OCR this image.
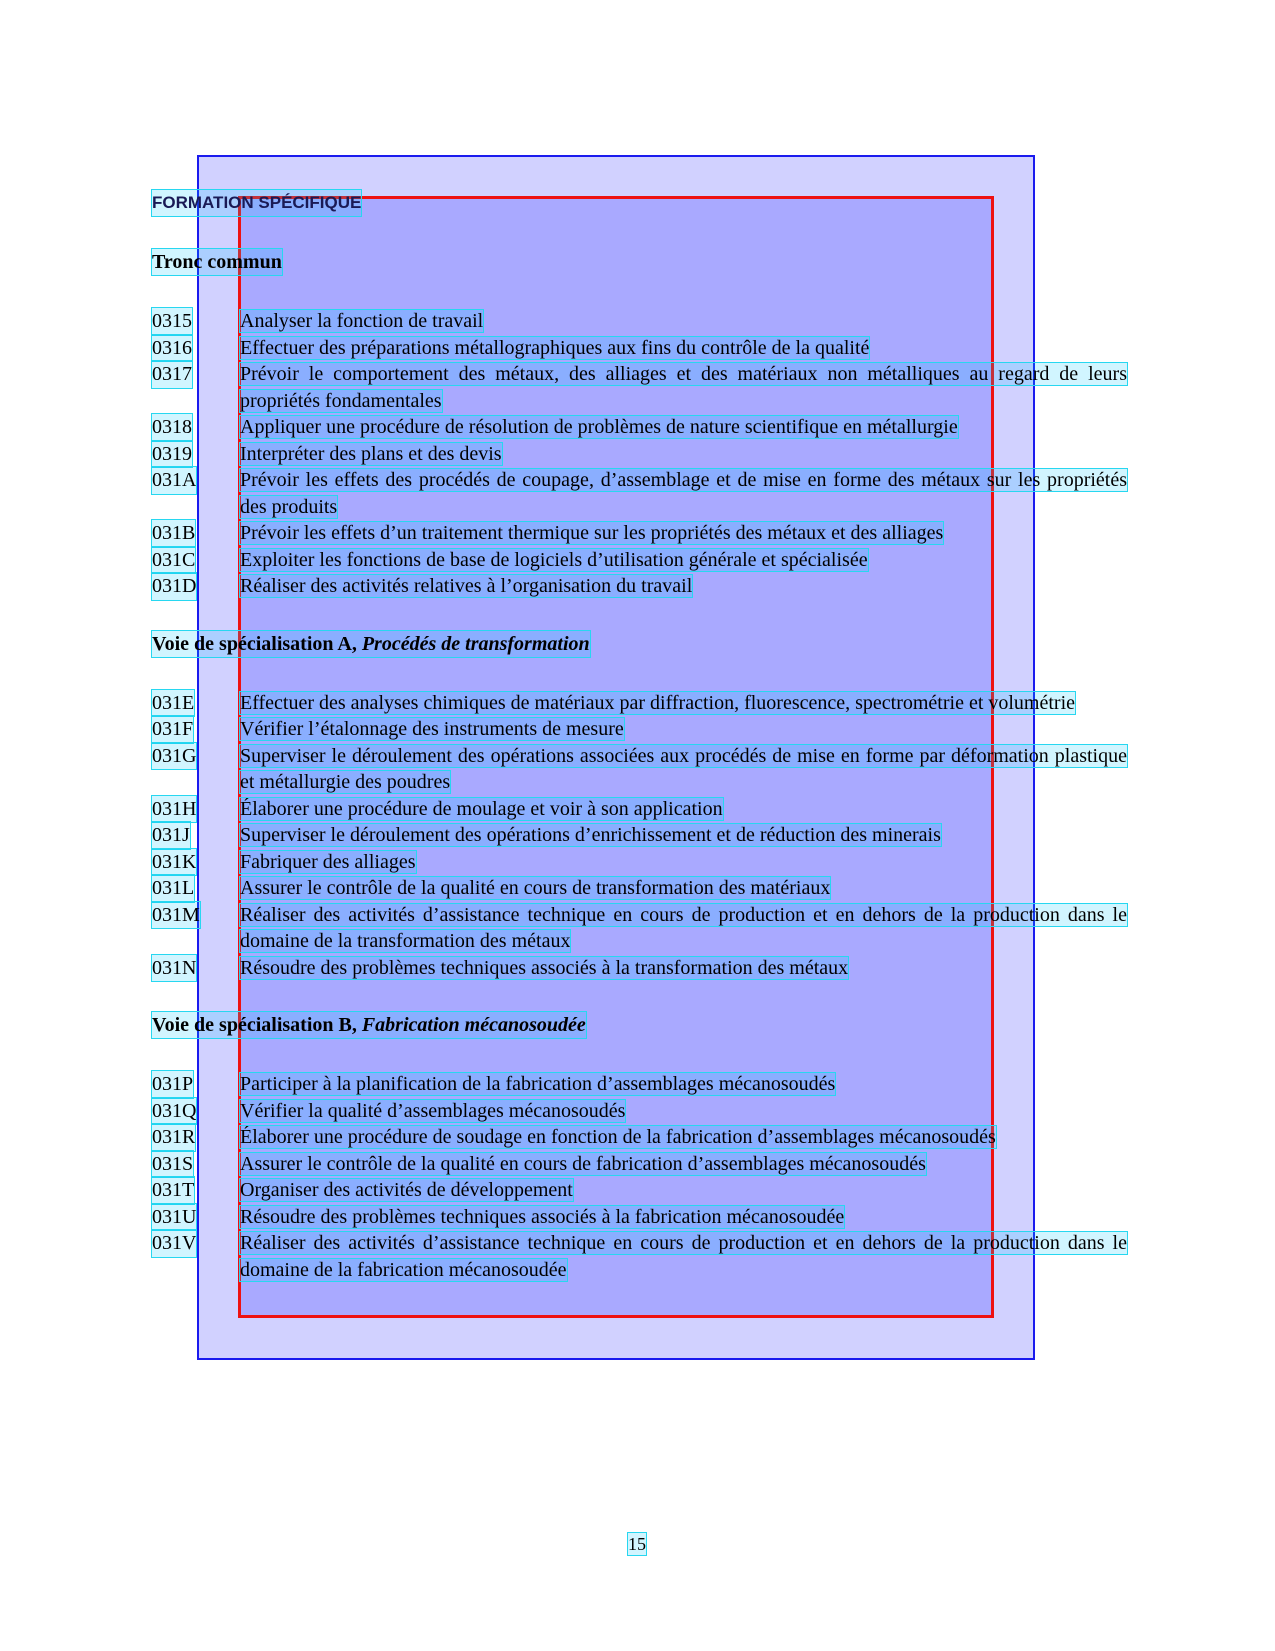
FORMATION SPÉCIFIQUE
Tronc commun
0315	Analyser la fonction de travail
0316	Effectuer des préparations métallographiques aux fins du contrôle de la qualité
0317	Prévoir le comportement des métaux, des alliages et des matériaux non métalliques au regard de leurs propriétés fondamentales
0318	Appliquer une procédure de résolution de problèmes de nature scientifique en métallurgie
0319	Interpréter des plans et des devis
031A	Prévoir les effets des procédés de coupage, d’assemblage et de mise en forme des métaux sur les propriétés des produits
031B	Prévoir les effets d’un traitement thermique sur les propriétés des métaux et des alliages
031C	Exploiter les fonctions de base de logiciels d’utilisation générale et spécialisée
031D	Réaliser des activités relatives à l’organisation du travail
Voie de spécialisation A, Procédés de transformation
031E	Effectuer des analyses chimiques de matériaux par diffraction, fluorescence, spectrométrie et volumétrie
031F	Vérifier l’étalonnage des instruments de mesure
031G	Superviser le déroulement des opérations associées aux procédés de mise en forme par déformation plastique et métallurgie des poudres
031H	Élaborer une procédure de moulage et voir à son application
031J	Superviser le déroulement des opérations d’enrichissement et de réduction des minerais
031K	Fabriquer des alliages
031L	Assurer le contrôle de la qualité en cours de transformation des matériaux
031M	Réaliser des activités d’assistance technique en cours de production et en dehors de la production dans le domaine de la transformation des métaux
031N	Résoudre des problèmes techniques associés à la transformation des métaux
Voie de spécialisation B, Fabrication mécanosoudée
031P	Participer à la planification de la fabrication d’assemblages mécanosoudés
031Q	Vérifier la qualité d’assemblages mécanosoudés
031R	Élaborer une procédure de soudage en fonction de la fabrication d’assemblages mécanosoudés
031S	Assurer le contrôle de la qualité en cours de fabrication d’assemblages mécanosoudés
031T	Organiser des activités de développement
031U	Résoudre des problèmes techniques associés à la fabrication mécanosoudée
031V	Réaliser des activités d’assistance technique en cours de production et en dehors de la production dans le domaine de la fabrication mécanosoudée
15
